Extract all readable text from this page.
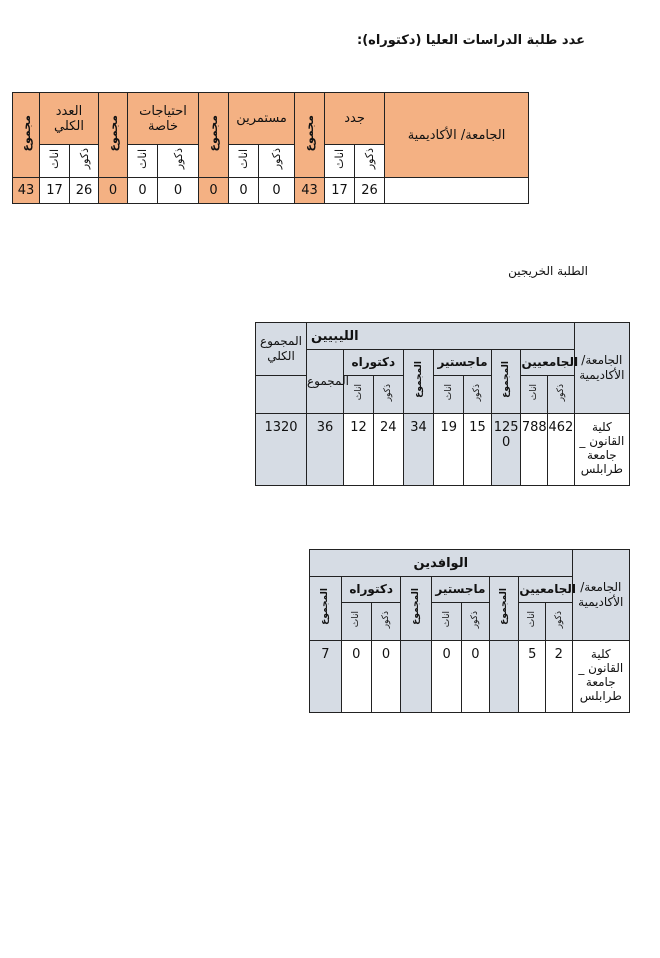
عدد طلبة الدراسات العليا (دكتوراه):
مجموع	العدد الكلي		مجموع	احتياجات خاصة		مجموع	مستمرين		مجموع	جدد		الجامعة/ الأكاديمية
	اناث	ذكور		اناث	ذكور		اناث	ذكور		اناث	ذكور	
43	17	26	0	0	0	0	0	0	43	17	26	
الطلبة الخريجين
المجموع الكلي	الليبيين									الجامعة/ الأكاديمية
	المجموع	دكتوراه		المجموع	ماجستير		المجموع	الجامعيين		
		اناث	ذكور		اناث	ذكور		اناث	ذكور	
1320	36	12	24	34	19	15	1250	788	462	كلية القانون _ جامعة طرابلس
الوافدين									الجامعة/ الأكاديمية
المجموع	دكتوراه		المجموع	ماجستير		المجموع	الجامعيين		
	اناث	ذكور		اناث	ذكور		اناث	ذكور	
7	0	0		0	0		5	2	كلية القانون _ جامعة طرابلس
